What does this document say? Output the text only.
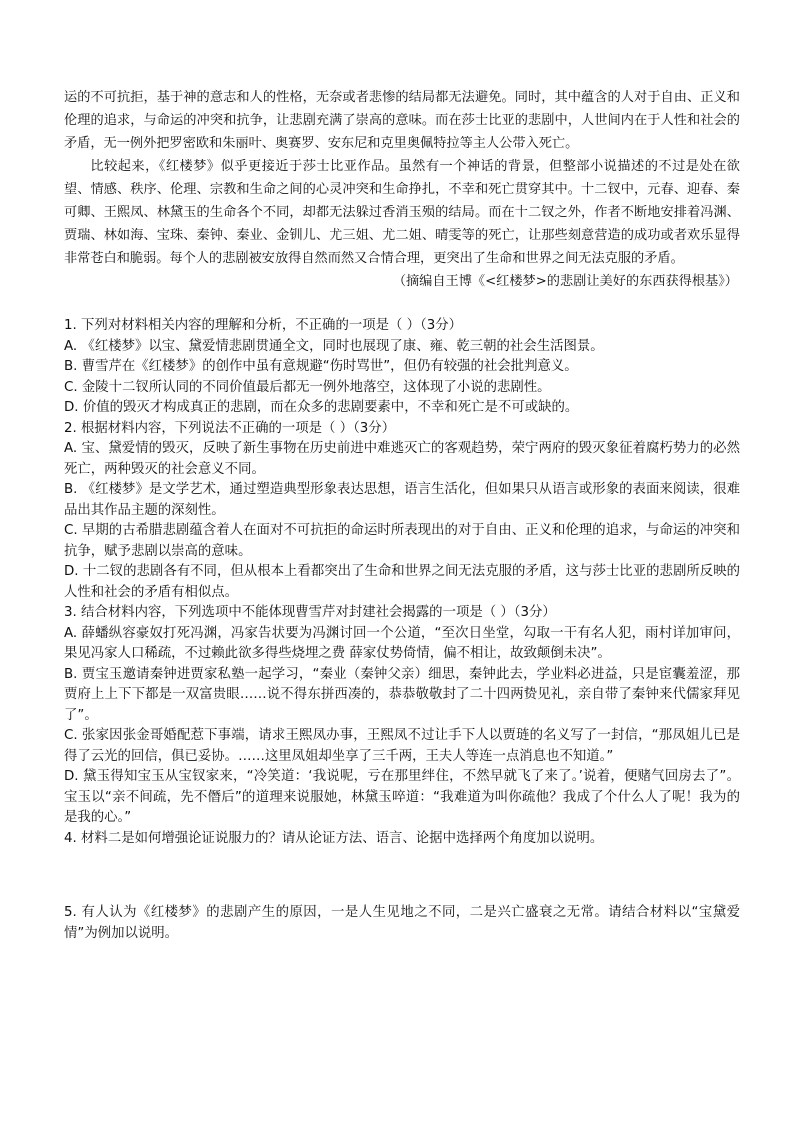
运的不可抗拒，基于神的意志和人的性格，无奈或者悲惨的结局都无法避免。同时，其中蕴含的人对于自由、正义和伦理的追求，与命运的冲突和抗争，让悲剧充满了崇高的意味。而在莎士比亚的悲剧中，人世间内在于人性和社会的矛盾，无一例外把罗密欧和朱丽叶、奥赛罗、安东尼和克里奥佩特拉等主人公带入死亡。

比较起来，《红楼梦》似乎更接近于莎士比亚作品。虽然有一个神话的背景，但整部小说描述的不过是处在欲望、情感、秩序、伦理、宗教和生命之间的心灵冲突和生命挣扎，不幸和死亡贯穿其中。十二钗中，元春、迎春、秦可卿、王熙凤、林黛玉的生命各个不同，却都无法躲过香消玉殒的结局。而在十二钗之外，作者不断地安排着冯渊、贾瑞、林如海、宝珠、秦钟、秦业、金钏儿、尤三姐、尤二姐、晴雯等的死亡，让那些刻意营造的成功或者欢乐显得非常苍白和脆弱。每个人的悲剧被安放得自然而然又合情合理，更突出了生命和世界之间无法克服的矛盾。

（摘编自王博《<红楼梦>的悲剧让美好的东西获得根基》）

1. 下列对材料相关内容的理解和分析，不正确的一项是（ ）（3分）

A. 《红楼梦》以宝、黛爱情悲剧贯通全文，同时也展现了康、雍、乾三朝的社会生活图景。

B. 曹雪芹在《红楼梦》的创作中虽有意规避“伤时骂世”，但仍有较强的社会批判意义。

C. 金陵十二钗所认同的不同价值最后都无一例外地落空，这体现了小说的悲剧性。

D. 价值的毁灭才构成真正的悲剧，而在众多的悲剧要素中，不幸和死亡是不可或缺的。

2. 根据材料内容，下列说法不正确的一项是（ ）（3分）

A. 宝、黛爱情的毁灭，反映了新生事物在历史前进中难逃灭亡的客观趋势，荣宁两府的毁灭象征着腐朽势力的必然死亡，两种毁灭的社会意义不同。

B. 《红楼梦》是文学艺术，通过塑造典型形象表达思想，语言生活化，但如果只从语言或形象的表面来阅读，很难品出其作品主题的深刻性。

C. 早期的古希腊悲剧蕴含着人在面对不可抗拒的命运时所表现出的对于自由、正义和伦理的追求，与命运的冲突和抗争，赋予悲剧以崇高的意味。

D. 十二钗的悲剧各有不同，但从根本上看都突出了生命和世界之间无法克服的矛盾，这与莎士比亚的悲剧所反映的人性和社会的矛盾有相似点。

3. 结合材料内容，下列选项中不能体现曹雪芹对封建社会揭露的一项是（ ）（3分）

A. 薛蟠纵容豪奴打死冯渊，冯家告状要为冯渊讨回一个公道，“至次日坐堂，勾取一干有名人犯，雨村详加审问，果见冯家人口稀疏，不过赖此欲多得些烧埋之费 薛家仗势倚情，偏不相让，故致颠倒未决”。

B. 贾宝玉邀请秦钟进贾家私塾一起学习，“秦业（秦钟父亲）细思，秦钟此去，学业料必进益，只是宦囊羞涩，那贾府上上下下都是一双富贵眼……说不得东拼西凑的，恭恭敬敬封了二十四两贽见礼，亲自带了秦钟来代儒家拜见了”。

C. 张家因张金哥婚配惹下事端，请求王熙凤办事，王熙凤不过让手下人以贾琏的名义写了一封信，“那凤姐儿已是得了云光的回信，俱已妥协。……这里凤姐却坐享了三千两，王夫人等连一点消息也不知道。”

D. 黛玉得知宝玉从宝钗家来，“冷笑道：‘我说呢，亏在那里绊住，不然早就飞了来了。’说着，便赌气回房去了”。宝玉以“亲不间疏，先不僭后”的道理来说服她，林黛玉啐道：“我难道为叫你疏他？我成了个什么人了呢！我为的是我的心。”

4. 材料二是如何增强论证说服力的？请从论证方法、语言、论据中选择两个角度加以说明。

5. 有人认为《红楼梦》的悲剧产生的原因，一是人生见地之不同，二是兴亡盛衰之无常。请结合材料以“宝黛爱情”为例加以说明。
